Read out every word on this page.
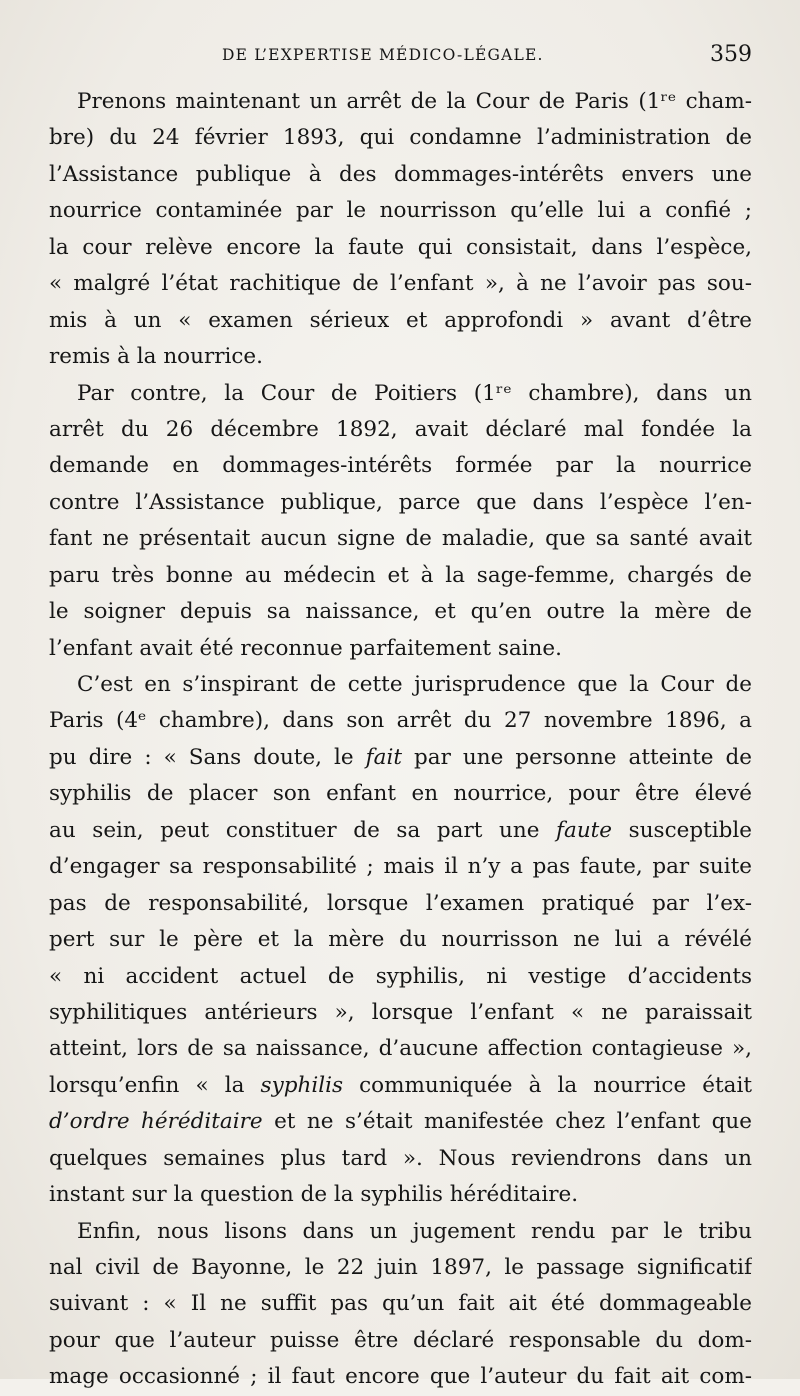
DE L’EXPERTISE MÉDICO-LÉGALE.	359
Prenons maintenant un arrêt de la Cour de Paris (1ʳᵉ cham-
bre) du 24 février 1893, qui condamne l’administration de
l’Assistance publique à des dommages-intérêts envers une
nourrice contaminée par le nourrisson qu’elle lui a confié ;
la cour relève encore la faute qui consistait, dans l’espèce,
« malgré l’état rachitique de l’enfant », à ne l’avoir pas sou-
mis à un « examen sérieux et approfondi » avant d’être
remis à la nourrice.
Par contre, la Cour de Poitiers (1ʳᵉ chambre), dans un
arrêt du 26 décembre 1892, avait déclaré mal fondée la
demande en dommages-intérêts formée par la nourrice
contre l’Assistance publique, parce que dans l’espèce l’en-
fant ne présentait aucun signe de maladie, que sa santé avait
paru très bonne au médecin et à la sage-femme, chargés de
le soigner depuis sa naissance, et qu’en outre la mère de
l’enfant avait été reconnue parfaitement saine.
C’est en s’inspirant de cette jurisprudence que la Cour de
Paris (4ᵉ chambre), dans son arrêt du 27 novembre 1896, a
pu dire : « Sans doute, le fait par une personne atteinte de
syphilis de placer son enfant en nourrice, pour être élevé
au sein, peut constituer de sa part une faute susceptible
d’engager sa responsabilité ; mais il n’y a pas faute, par suite
pas de responsabilité, lorsque l’examen pratiqué par l’ex-
pert sur le père et la mère du nourrisson ne lui a révélé
« ni accident actuel de syphilis, ni vestige d’accidents
syphilitiques antérieurs », lorsque l’enfant « ne paraissait
atteint, lors de sa naissance, d’aucune affection contagieuse »,
lorsqu’enfin « la syphilis communiquée à la nourrice était
d’ordre héréditaire et ne s’était manifestée chez l’enfant que
quelques semaines plus tard ». Nous reviendrons dans un
instant sur la question de la syphilis héréditaire.
Enfin, nous lisons dans un jugement rendu par le tribu
nal civil de Bayonne, le 22 juin 1897, le passage significatif
suivant : « Il ne suffit pas qu’un fait ait été dommageable
pour que l’auteur puisse être déclaré responsable du dom-
mage occasionné ; il faut encore que l’auteur du fait ait com-
